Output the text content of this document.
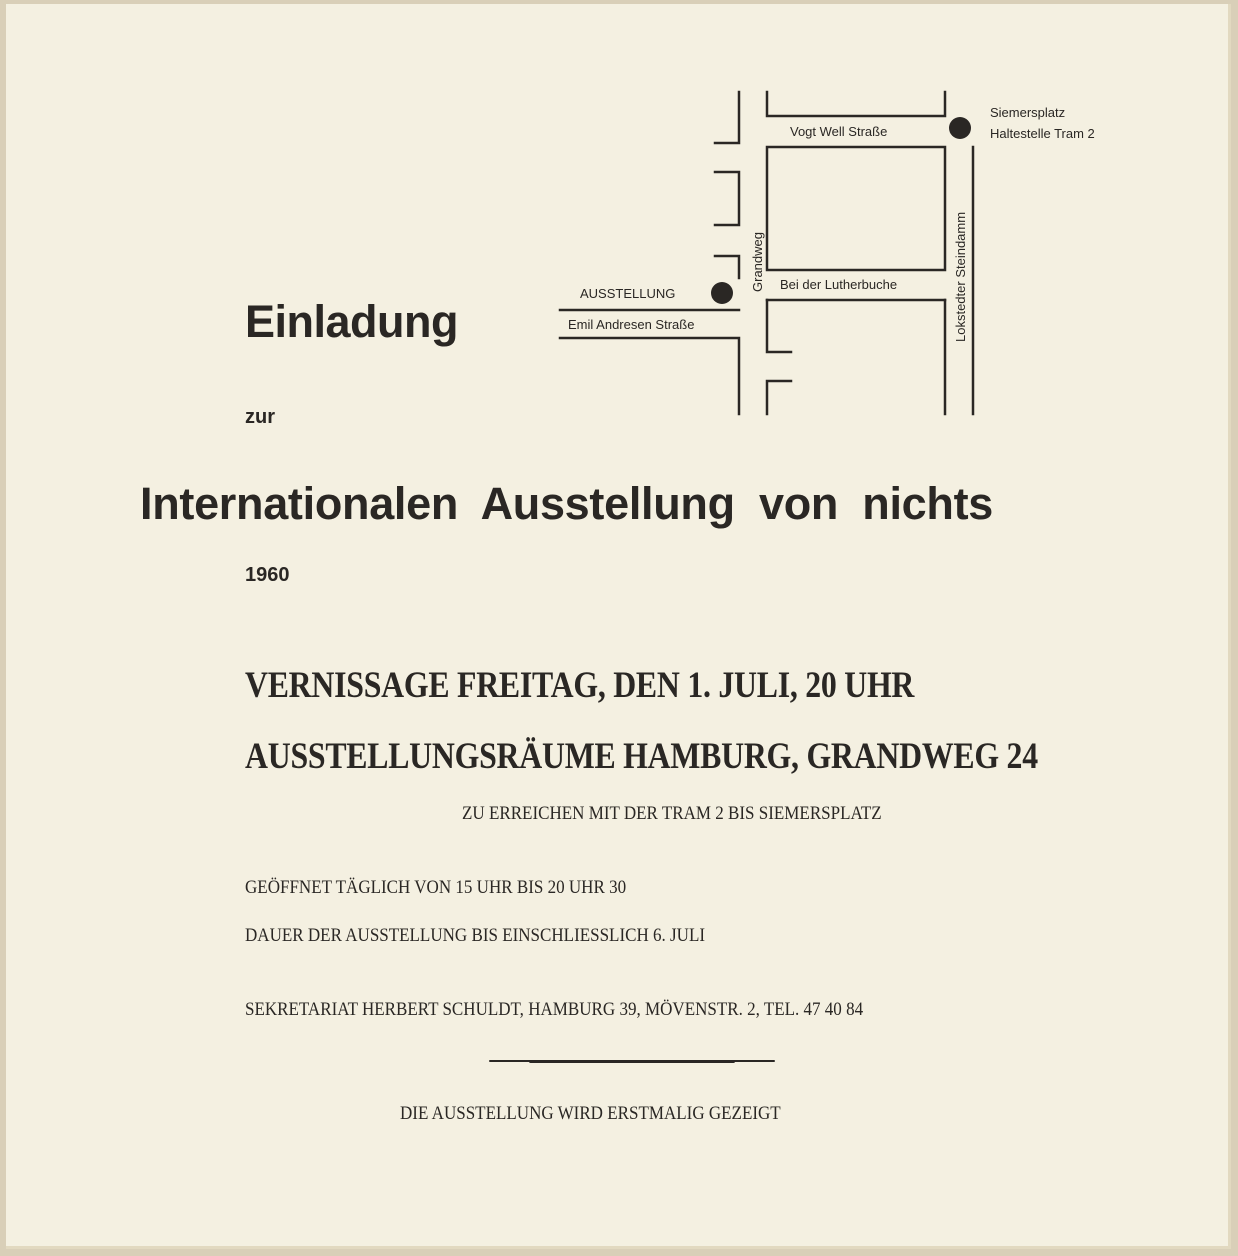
Vogt Well Straße
Grandweg Bei der Lutherbuche	Lokstedter Steindamm
Emil Andresen Straße
AUSSTELLUNG
Siemersplatz
Haltestelle Tram 2
Einladung
zur
Internationalen Ausstellung von nichts
1960
VERNISSAGE FREITAG, DEN 1. JULI, 20 UHR
AUSSTELLUNGSRÄUME HAMBURG, GRANDWEG 24
ZU ERREICHEN MIT DER TRAM 2 BIS SIEMERSPLATZ
GEÖFFNET TÄGLICH VON 15 UHR BIS 20 UHR 30
DAUER DER AUSSTELLUNG BIS EINSCHLIESSLICH 6. JULI
SEKRETARIAT HERBERT SCHULDT, HAMBURG 39, MÖVENSTR. 2, TEL. 47 40 84
DIE AUSSTELLUNG WIRD ERSTMALIG GEZEIGT
